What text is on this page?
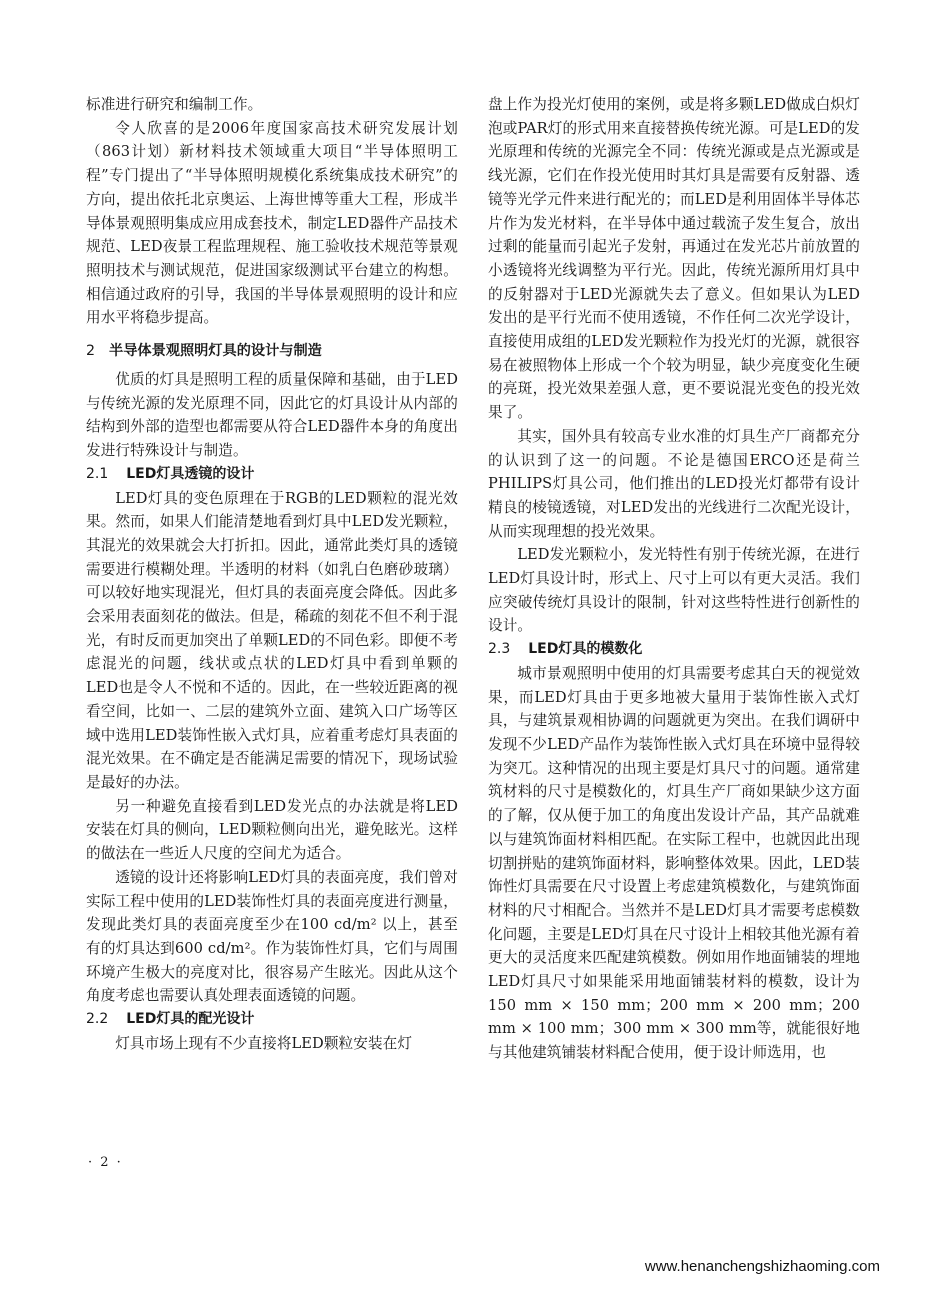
标准进行研究和编制工作。

令人欣喜的是2006年度国家高技术研究发展计划（863计划）新材料技术领域重大项目“半导体照明工程”专门提出了“半导体照明规模化系统集成技术研究”的方向，提出依托北京奥运、上海世博等重大工程，形成半导体景观照明集成应用成套技术，制定LED器件产品技术规范、LED夜景工程监理规程、施工验收技术规范等景观照明技术与测试规范，促进国家级测试平台建立的构想。相信通过政府的引导，我国的半导体景观照明的设计和应用水平将稳步提高。

2 半导体景观照明灯具的设计与制造

优质的灯具是照明工程的质量保障和基础，由于LED与传统光源的发光原理不同，因此它的灯具设计从内部的结构到外部的造型也都需要从符合LED器件本身的角度出发进行特殊设计与制造。

2.1 LED灯具透镜的设计

LED灯具的变色原理在于RGB的LED颗粒的混光效果。然而，如果人们能清楚地看到灯具中LED发光颗粒，其混光的效果就会大打折扣。因此，通常此类灯具的透镜需要进行模糊处理。半透明的材料（如乳白色磨砂玻璃）可以较好地实现混光，但灯具的表面亮度会降低。因此多会采用表面刻花的做法。但是，稀疏的刻花不但不利于混光，有时反而更加突出了单颗LED的不同色彩。即便不考虑混光的问题，线状或点状的LED灯具中看到单颗的LED也是令人不悦和不适的。因此，在一些较近距离的视看空间，比如一、二层的建筑外立面、建筑入口广场等区域中选用LED装饰性嵌入式灯具，应着重考虑灯具表面的混光效果。在不确定是否能满足需要的情况下，现场试验是最好的办法。

另一种避免直接看到LED发光点的办法就是将LED安装在灯具的侧向，LED颗粒侧向出光，避免眩光。这样的做法在一些近人尺度的空间尤为适合。

透镜的设计还将影响LED灯具的表面亮度，我们曾对实际工程中使用的LED装饰性灯具的表面亮度进行测量，发现此类灯具的表面亮度至少在100 cd/m² 以上，甚至有的灯具达到600 cd/m²。作为装饰性灯具，它们与周围环境产生极大的亮度对比，很容易产生眩光。因此从这个角度考虑也需要认真处理表面透镜的问题。

2.2 LED灯具的配光设计

灯具市场上现有不少直接将LED颗粒安装在灯

盘上作为投光灯使用的案例，或是将多颗LED做成白炽灯泡或PAR灯的形式用来直接替换传统光源。可是LED的发光原理和传统的光源完全不同：传统光源或是点光源或是线光源，它们在作投光使用时其灯具是需要有反射器、透镜等光学元件来进行配光的；而LED是利用固体半导体芯片作为发光材料，在半导体中通过载流子发生复合，放出过剩的能量而引起光子发射，再通过在发光芯片前放置的小透镜将光线调整为平行光。因此，传统光源所用灯具中的反射器对于LED光源就失去了意义。但如果认为LED发出的是平行光而不使用透镜，不作任何二次光学设计，直接使用成组的LED发光颗粒作为投光灯的光源，就很容易在被照物体上形成一个个较为明显，缺少亮度变化生硬的亮斑，投光效果差强人意，更不要说混光变色的投光效果了。

其实，国外具有较高专业水准的灯具生产厂商都充分的认识到了这一的问题。不论是德国ERCO还是荷兰PHILIPS灯具公司，他们推出的LED投光灯都带有设计精良的棱镜透镜，对LED发出的光线进行二次配光设计，从而实现理想的投光效果。

LED发光颗粒小，发光特性有别于传统光源，在进行LED灯具设计时，形式上、尺寸上可以有更大灵活。我们应突破传统灯具设计的限制，针对这些特性进行创新性的设计。

2.3 LED灯具的模数化

城市景观照明中使用的灯具需要考虑其白天的视觉效果，而LED灯具由于更多地被大量用于装饰性嵌入式灯具，与建筑景观相协调的问题就更为突出。在我们调研中发现不少LED产品作为装饰性嵌入式灯具在环境中显得较为突兀。这种情况的出现主要是灯具尺寸的问题。通常建筑材料的尺寸是模数化的，灯具生产厂商如果缺少这方面的了解，仅从便于加工的角度出发设计产品，其产品就难以与建筑饰面材料相匹配。在实际工程中，也就因此出现切割拼贴的建筑饰面材料，影响整体效果。因此，LED装饰性灯具需要在尺寸设置上考虑建筑模数化，与建筑饰面材料的尺寸相配合。当然并不是LED灯具才需要考虑模数化问题，主要是LED灯具在尺寸设计上相较其他光源有着更大的灵活度来匹配建筑模数。例如用作地面铺装的埋地LED灯具尺寸如果能采用地面铺装材料的模数，设计为150 mm × 150 mm；200 mm × 200 mm；200 mm × 100 mm；300 mm × 300 mm等，就能很好地与其他建筑铺装材料配合使用，便于设计师选用，也

· 2 ·
www.henanchengshizhaoming.com
